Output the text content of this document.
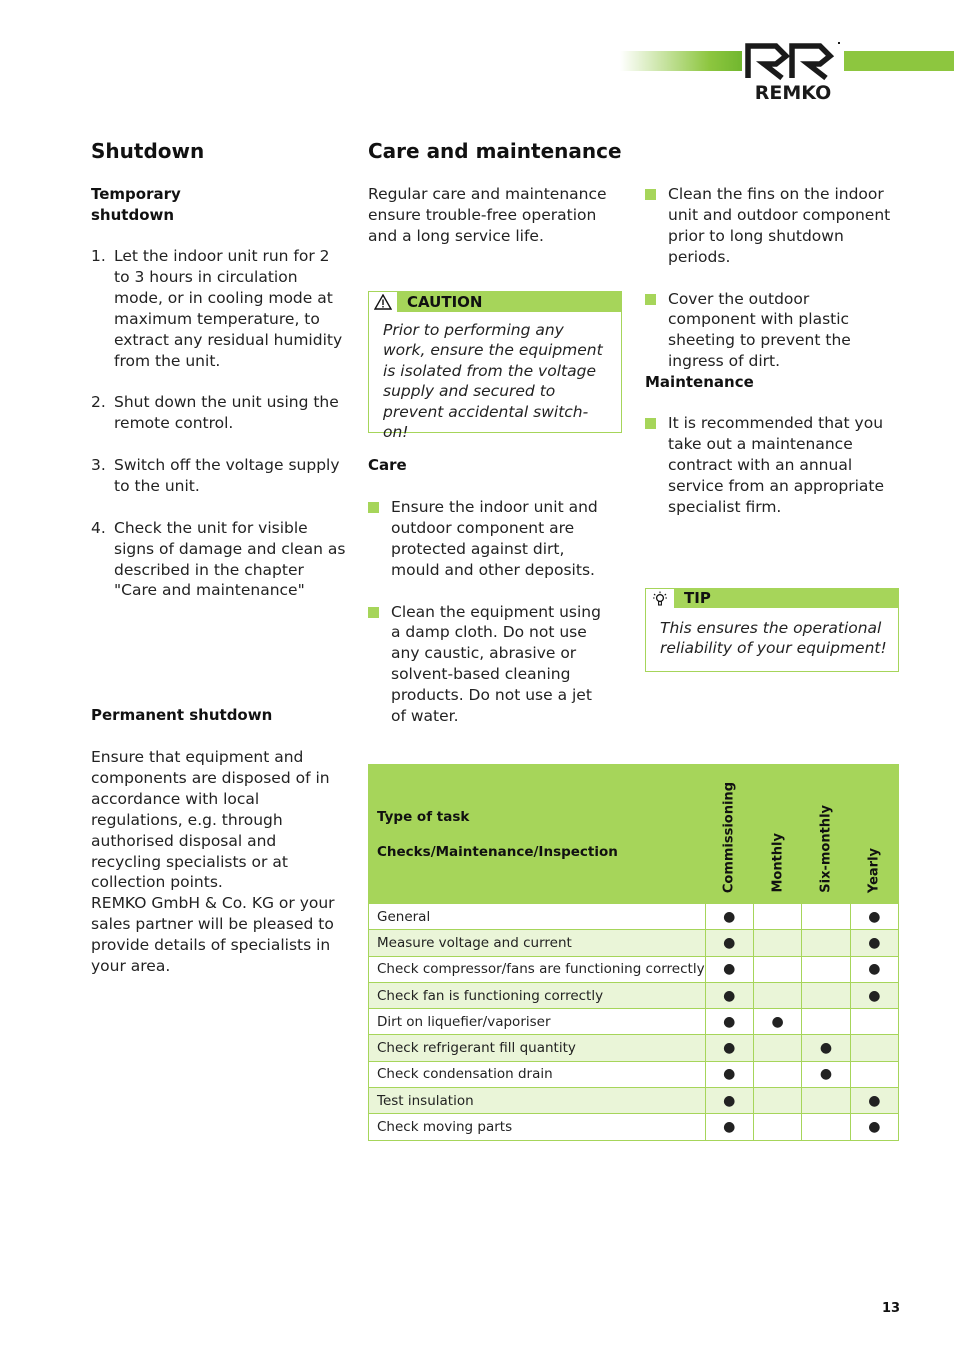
REMKO
Shutdown
Temporary
shutdown
1. Let the indoor unit run for 2 to 3 hours in circulation mode, or in cooling mode at maximum temperature, to extract any residual humidity from the unit.
2. Shut down the unit using the remote control.
3. Switch off the voltage supply to the unit.
4. Check the unit for visible signs of damage and clean as described in the chapter "Care and maintenance"
Permanent shutdown

Ensure that equipment and components are disposed of in accordance with local regulations, e.g. through authorised disposal and recycling specialists or at collection points.

REMKO GmbH & Co. KG or your sales partner will be pleased to provide details of specialists in your area.

Care and maintenance

Regular care and maintenance ensure trouble-free operation and a long service life.

CAUTION
Prior to performing any work, ensure the equipment is isolated from the voltage supply and secured to prevent accidental switch-on!
Care
Ensure the indoor unit and outdoor component are protected against dirt, mould and other deposits.
Clean the equipment using a damp cloth. Do not use any caustic, abrasive or solvent-based cleaning products. Do not use a jet of water.
Clean the fins on the indoor unit and outdoor component prior to long shutdown periods.
Cover the outdoor component with plastic sheeting to prevent the ingress of dirt.
Maintenance
It is recommended that you take out a maintenance contract with an annual service from an appropriate specialist firm.
TIP
This ensures the operational reliability of your equipment!
Type of task
Checks/Maintenance/Inspection	Commissioning	Monthly	Six-monthly	Yearly

General	●			●
Measure voltage and current	●			●
Check compressor/fans are functioning correctly	●			●
Check fan is functioning correctly	●			●
Dirt on liquefier/vaporiser	●	●		
Check refrigerant fill quantity	●		●	
Check condensation drain	●		●	
Test insulation	●			●
Check moving parts	●			●
13
